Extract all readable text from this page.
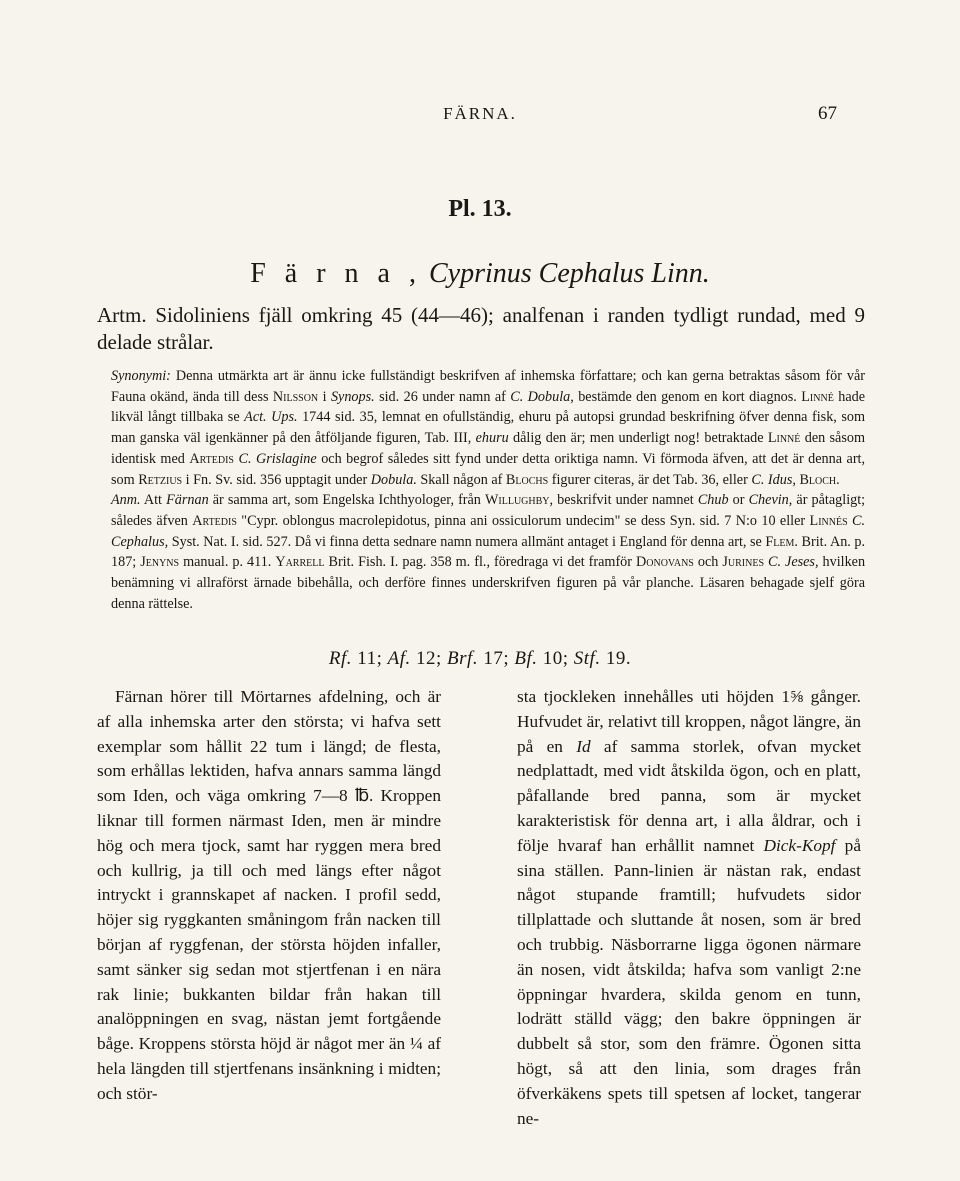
FÄRNA.	67
Pl. 13.
F ä r n a , Cyprinus Cephalus Linn.
Artm. Sidoliniens fjäll omkring 45 (44—46); analfenan i randen tydligt rundad, med 9 delade strålar.
Synonymi: Denna utmärkta art är ännu icke fullständigt beskrifven af inhemska författare; och kan gerna betraktas såsom för vår Fauna okänd, ända till dess Nilsson i Synops. sid. 26 under namn af C. Dobula, bestämde den genom en kort diagnos. Linné hade likväl långt tillbaka se Act. Ups. 1744 sid. 35, lemnat en ofullständig, ehuru på autopsi grundad beskrifning öfver denna fisk, som man ganska väl igenkänner på den åtföljande figuren, Tab. III, ehuru dålig den är; men underligt nog! betraktade Linné den såsom identisk med Artedis C. Grislagine och begrof således sitt fynd under detta oriktiga namn. Vi förmoda äfven, att det är denna art, som Retzius i Fn. Sv. sid. 356 upptagit under Dobula. Skall någon af Blochs figurer citeras, är det Tab. 36, eller C. Idus, Bloch.
Anm. Att Färnan är samma art, som Engelska Ichthyologer, från Willughby, beskrifvit under namnet Chub or Chevin, är påtagligt; således äfven Artedis "Cypr. oblongus macrolepidotus, pinna ani ossiculorum undecim" se dess Syn. sid. 7 N:o 10 eller Linnés C. Cephalus, Syst. Nat. I. sid. 527. Då vi finna detta sednare namn numera allmänt antaget i England för denna art, se Flem. Brit. An. p. 187; Jenyns manual. p. 411. Yarrell Brit. Fish. I. pag. 358 m. fl., föredraga vi det framför Donovans och Jurines C. Jeses, hvilken benämning vi allraförst ärnade bibehålla, och derföre finnes underskrifven figuren på vår planche. Läsaren behagade sjelf göra denna rättelse.
Rf. 11; Af. 12; Brf. 17; Bf. 10; Stf. 19.

Färnan hörer till Mörtarnes afdelning, och är af alla inhemska arter den största; vi hafva sett exemplar som hållit 22 tum i längd; de flesta, som erhållas lektiden, hafva annars samma längd som Iden, och väga omkring 7—8 ℔. Kroppen liknar till formen närmast Iden, men är mindre hög och mera tjock, samt har ryggen mera bred och kullrig, ja till och med längs efter något intryckt i grannskapet af nacken. I profil sedd, höjer sig ryggkanten småningom från nacken till början af ryggfenan, der största höjden infaller, samt sänker sig sedan mot stjertfenan i en nära rak linie; bukkanten bildar från hakan till analöppningen en svag, nästan jemt fortgående båge. Kroppens största höjd är något mer än ¼ af hela längden till stjertfenans insänkning i midten; och stör-

sta tjockleken innehålles uti höjden 1⅝ gånger. Hufvudet är, relativt till kroppen, något längre, än på en Id af samma storlek, ofvan mycket nedplattadt, med vidt åtskilda ögon, och en platt, påfallande bred panna, som är mycket karakteristisk för denna art, i alla åldrar, och i följe hvaraf han erhållit namnet Dick-Kopf på sina ställen. Pann-linien är nästan rak, endast något stupande framtill; hufvudets sidor tillplattade och sluttande åt nosen, som är bred och trubbig. Näsborrarne ligga ögonen närmare än nosen, vidt åtskilda; hafva som vanligt 2:ne öppningar hvardera, skilda genom en tunn, lodrätt ställd vägg; den bakre öppningen är dubbelt så stor, som den främre. Ögonen sitta högt, så att den linia, som drages från öfverkäkens spets till spetsen af locket, tangerar ne-
